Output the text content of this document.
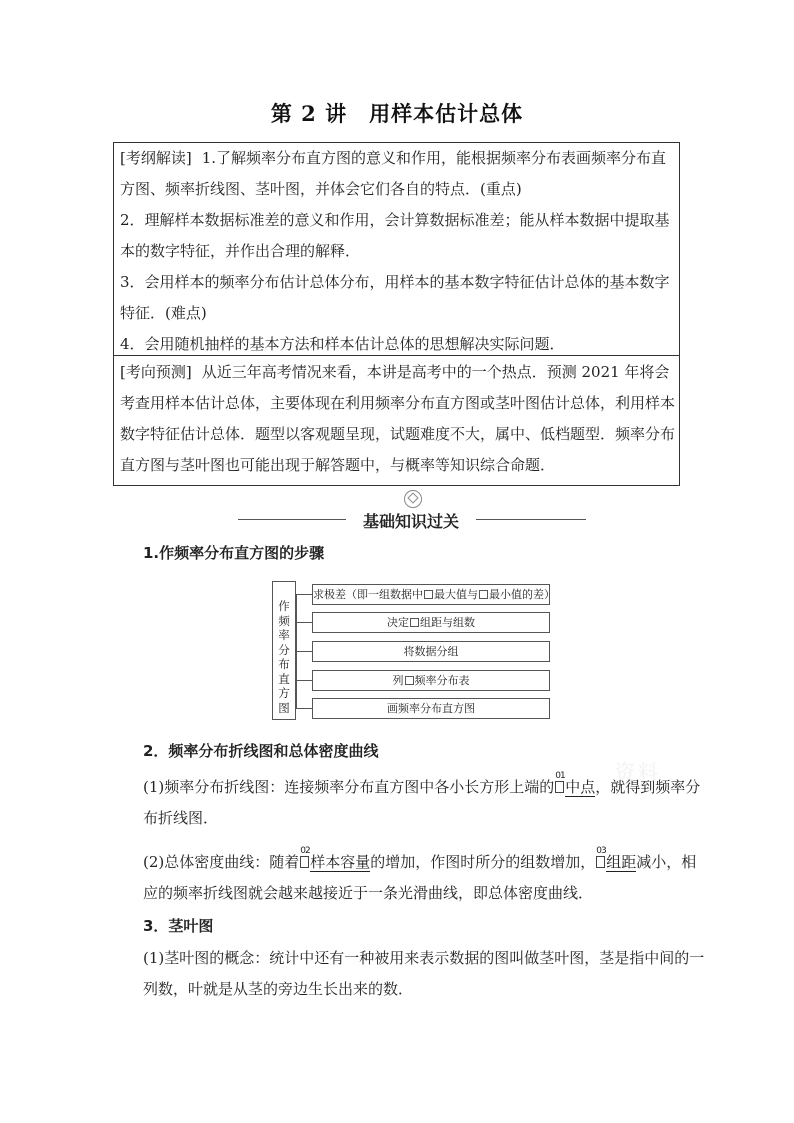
第 2 讲　用样本估计总体
[考纲解读] 1.了解频率分布直方图的意义和作用，能根据频率分布表画频率分布直方图、频率折线图、茎叶图，并体会它们各自的特点．(重点)
2．理解样本数据标准差的意义和作用，会计算数据标准差；能从样本数据中提取基本的数字特征，并作出合理的解释．
3．会用样本的频率分布估计总体分布，用样本的基本数字特征估计总体的基本数字特征．(难点)
4．会用随机抽样的基本方法和样本估计总体的思想解决实际问题．
[考向预测] 从近三年高考情况来看，本讲是高考中的一个热点．预测 2021 年将会考查用样本估计总体，主要体现在利用频率分布直方图或茎叶图估计总体，利用样本数字特征估计总体．题型以客观题呈现，试题难度不大，属中、低档题型．频率分布直方图与茎叶图也可能出现于解答题中，与概率等知识综合命题．
基础知识过关
1.作频率分布直方图的步骤
作频率分布直方图
求极差（即一组数据中 最大值与 最小值的差）
决定 组距与组数
将数据分组
列 频率分布表
画频率分布直方图
2．频率分布折线图和总体密度曲线
(1)频率分布折线图：连接频率分布直方图中各小长方形上端的
01
中点，就得到频率分布折线图．
(2)总体密度曲线：随着
02
样本容量的增加，作图时所分的组数增加，
03
组距减小，相应的频率折线图就会越来越接近于一条光滑曲线，即总体密度曲线．
3．茎叶图
(1)茎叶图的概念：统计中还有一种被用来表示数据的图叫做茎叶图，茎是指中间的一列数，叶就是从茎的旁边生长出来的数．
资料
